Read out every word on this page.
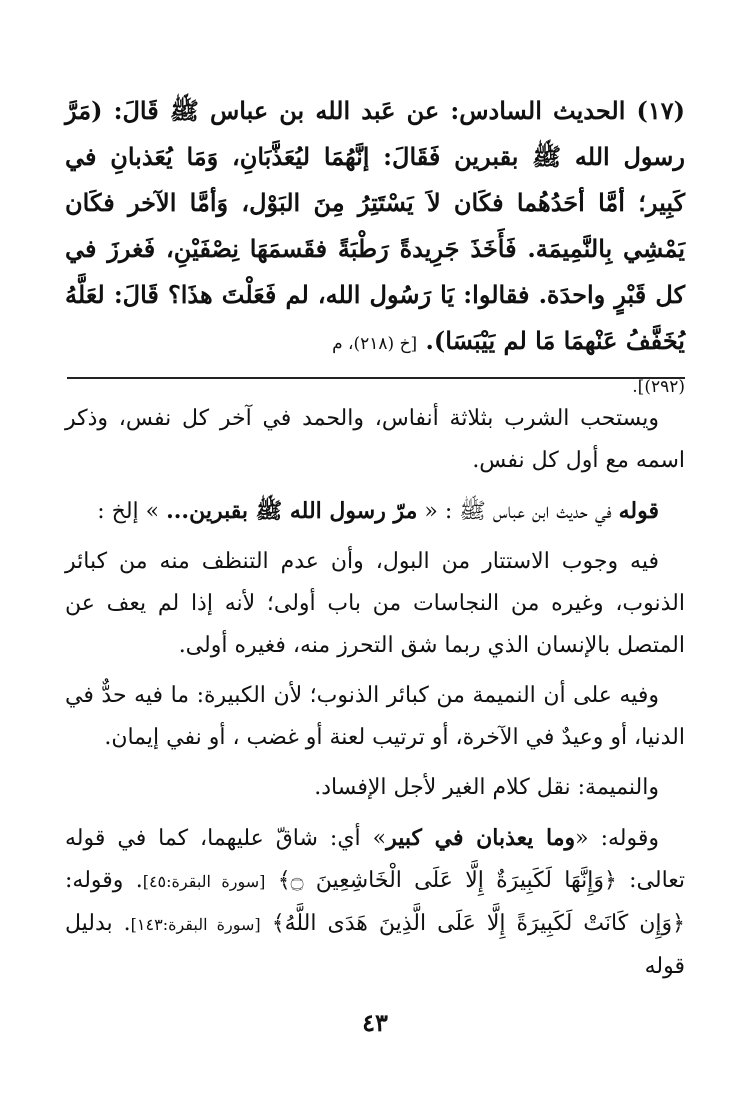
(١٧) الحديث السادس: عن عَبد الله بن عباس ﷺ قَالَ: (مَرَّ رسول الله ﷺ بقبرين فَقَالَ: إنَّهُمَا ليُعَذَّبَانِ، وَمَا يُعَذبانِ في كَبِير؛ أمَّا أحَدُهُما فكَان لاَ يَسْتَتِرُ مِنَ البَوْل، وَأمَّا الآخر فكَان يَمْشِي بِالنَّمِيمَة. فَأَخَذَ جَرِيدةً رَطْبَةً فقَسمَهَا نِصْفَيْنِ، فَغرزَ في كل قَبْرٍ واحدَة. فقالوا: يَا رَسُول الله، لم فَعَلْتَ هذَا؟ قَالَ: لعَلَّهُ يُخَفَّفُ عَنْهمَا مَا لم يَيْبَسَا). [خ (٢١٨)، م
(٢٩٢)].

ويستحب الشرب بثلاثة أنفاس، والحمد في آخر كل نفس، وذكر اسمه مع أول كل نفس.

قوله في حديث ابن عباس ﷺ : « مرّ رسول الله ﷺ بقبرين... » إلخ :

فيه وجوب الاستتار من البول، وأن عدم التنظف منه من كبائر الذنوب، وغيره من النجاسات من باب أولى؛ لأنه إذا لم يعف عن المتصل بالإنسان الذي ربما شق التحرز منه، فغيره أولى.

وفيه على أن النميمة من كبائر الذنوب؛ لأن الكبيرة: ما فيه حدٌّ في الدنيا، أو وعيدٌ في الآخرة، أو ترتيب لعنة أو غضب ، أو نفي إيمان.

والنميمة: نقل كلام الغير لأجل الإفساد.

وقوله: «وما يعذبان في كبير» أي: شاقّ عليهما، كما في قوله تعالى: ﴿وَإِنَّهَا لَكَبِيرَةٌ إِلَّا عَلَى الْخَاشِعِينَ ۝﴾ [سورة البقرة:٤٥]. وقوله: ﴿وَإِن كَانَتْ لَكَبِيرَةً إِلَّا عَلَى الَّذِينَ هَدَى اللَّهُ﴾ [سورة البقرة:١٤٣]. بدليل قوله

٤٣
